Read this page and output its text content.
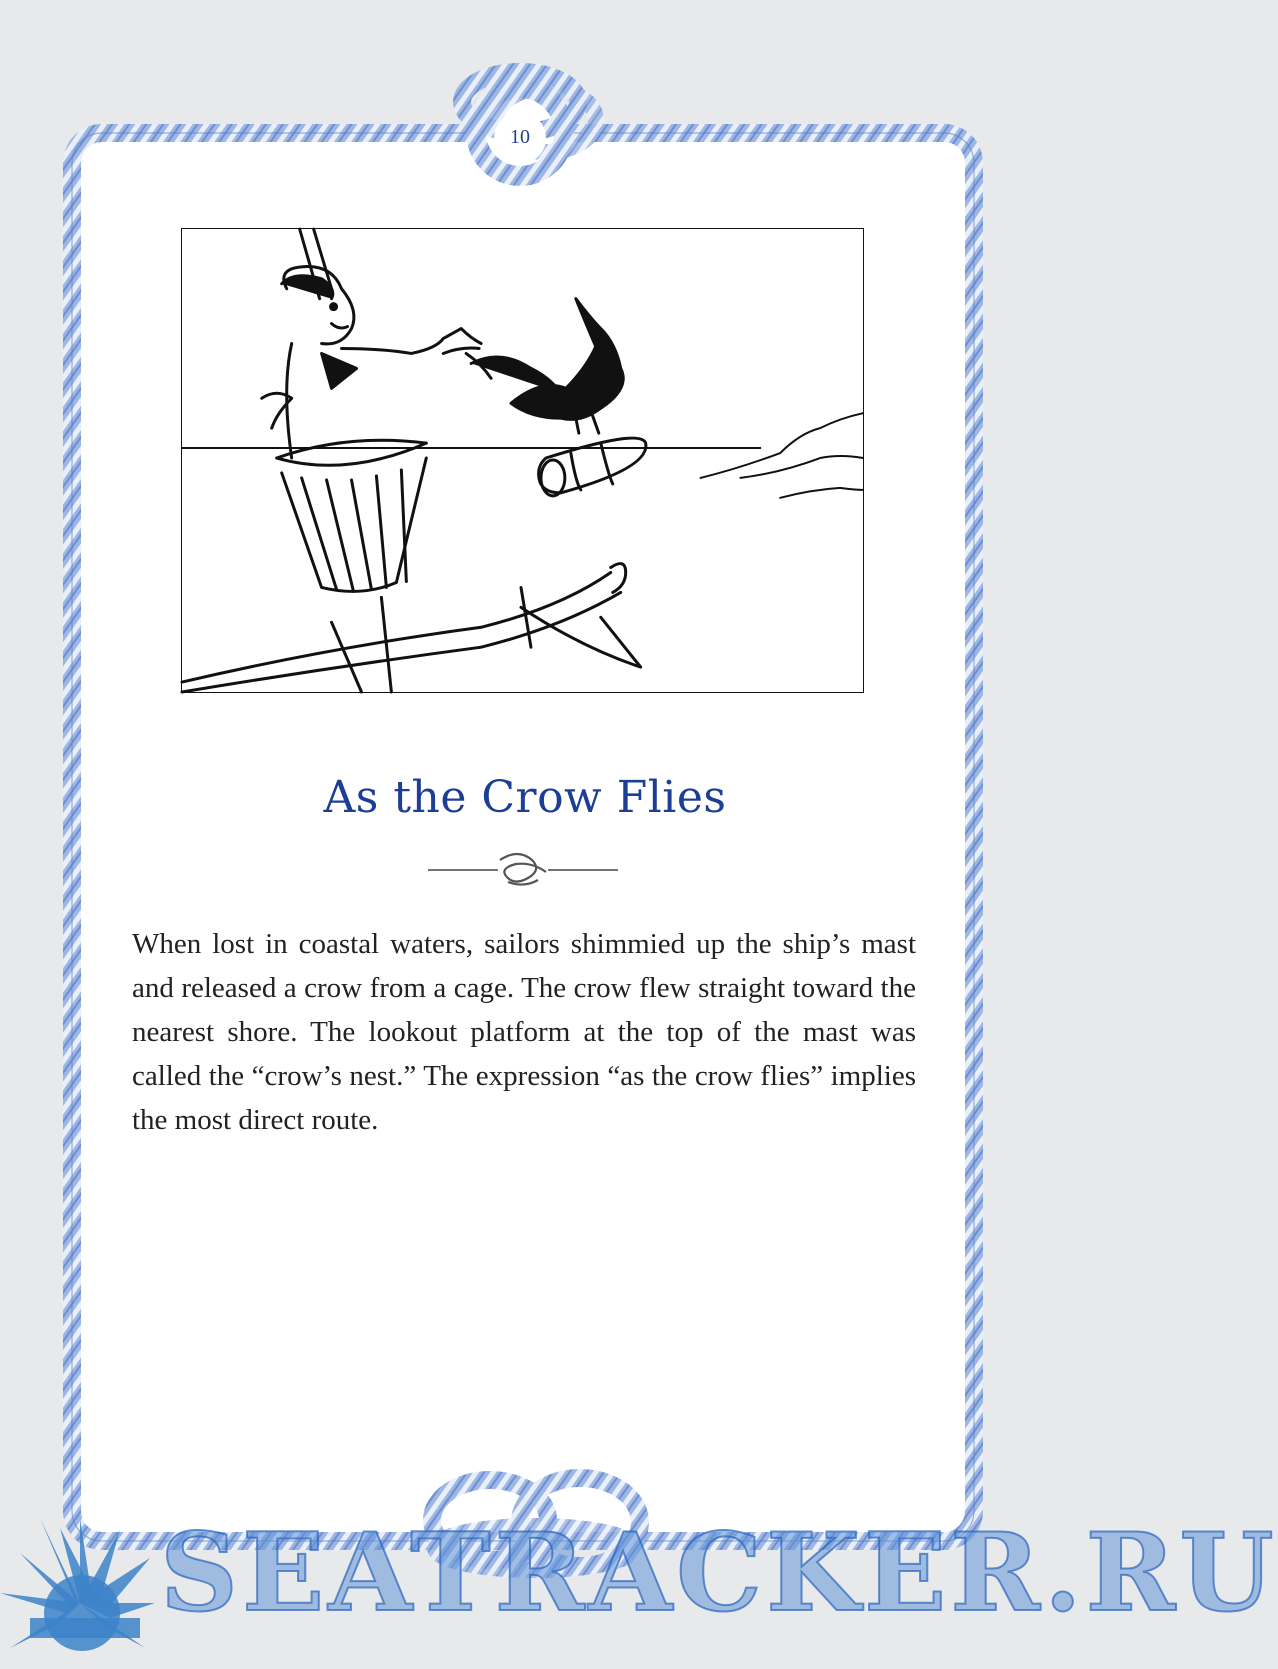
10
As the Crow Flies
When lost in coastal waters, sailors shimmied up the ship’s mast and released a crow from a cage. The crow flew straight toward the nearest shore. The lookout platform at the top of the mast was called the “crow’s nest.” The expression “as the crow flies” implies the most direct route.
SEATRACKER.RU
